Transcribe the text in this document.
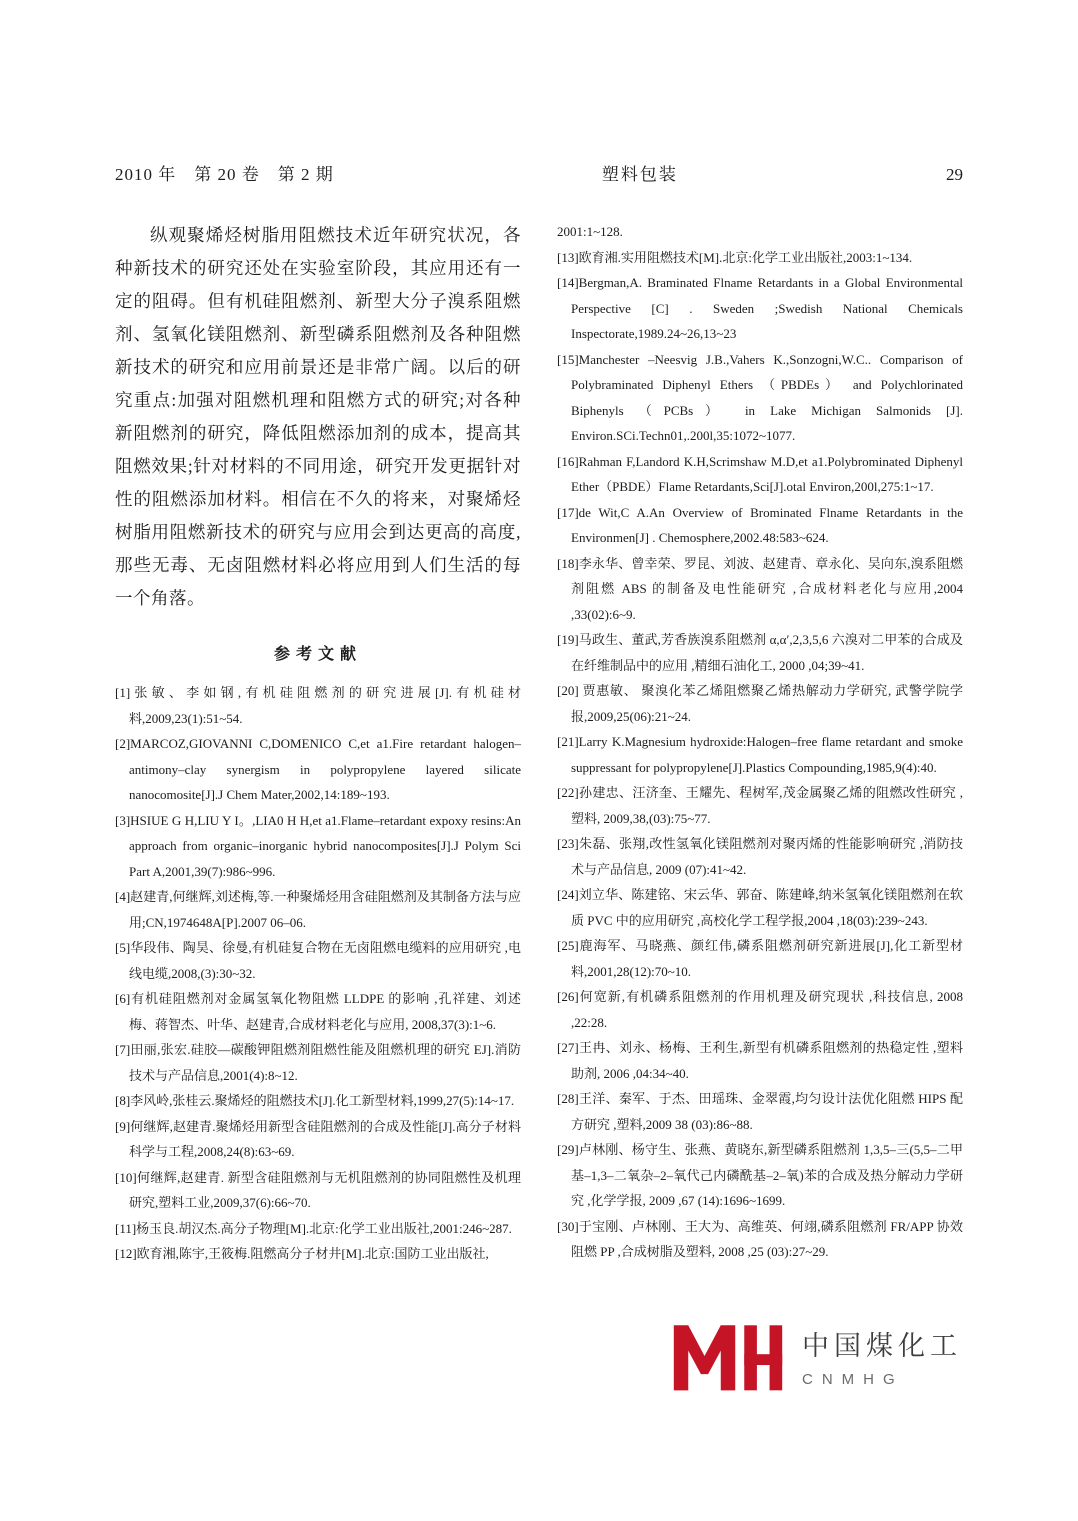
2010 年　第 20 卷　第 2 期	塑料包装	29

纵观聚烯烃树脂用阻燃技术近年研究状况，各种新技术的研究还处在实验室阶段，其应用还有一定的阻碍。但有机硅阻燃剂、新型大分子溴系阻燃剂、氢氧化镁阻燃剂、新型磷系阻燃剂及各种阻燃新技术的研究和应用前景还是非常广阔。以后的研究重点:加强对阻燃机理和阻燃方式的研究;对各种新阻燃剂的研究，降低阻燃添加剂的成本，提高其阻燃效果;针对材料的不同用途，研究开发更据针对性的阻燃添加材料。相信在不久的将来，对聚烯烃树脂用阻燃新技术的研究与应用会到达更高的高度,那些无毒、无卤阻燃材料必将应用到人们生活的每一个角落。

参考文献
[1]张敏、李如钢,有机硅阻燃剂的研究进展[J].有机硅材料,2009,23(1):51~54.
[2]MARCOZ,GIOVANNI C,DOMENICO C,et a1.Fire retardant halogen–antimony–clay synergism in polypropylene layered silicate nanocomosite[J].J Chem Mater,2002,14:189~193.
[3]HSIUE G H,LIU Y I。,LIA0 H H,et a1.Flame–retardant expoxy resins:An approach from organic–inorganic hybrid nanocomposites[J].J Polym Sci Part A,2001,39(7):986~996.
[4]赵建青,何继辉,刘述梅,等.一种聚烯烃用含硅阻燃剂及其制备方法与应用;CN,1974648A[P].2007 06–06.
[5]华段伟、陶昊、徐曼,有机硅复合物在无卤阻燃电缆料的应用研究 ,电线电缆,2008,(3):30~32.
[6]有机硅阻燃剂对金属氢氧化物阻燃 LLDPE 的影响 ,孔祥建、刘述梅、蒋智杰、叶华、赵建青,合成材料老化与应用, 2008,37(3):1~6.
[7]田丽,张宏.硅胶—碳酸钾阻燃剂阻燃性能及阻燃机理的研究 EJ].消防技术与产品信息,2001(4):8~12.
[8]李风岭,张桂云.聚烯烃的阻燃技术[J].化工新型材料,1999,27(5):14~17.
[9]何继辉,赵建青.聚烯烃用新型含硅阻燃剂的合成及性能[J].高分子材料科学与工程,2008,24(8):63~69.
[10]何继辉,赵建青. 新型含硅阻燃剂与无机阻燃剂的协同阻燃性及机理研究,塑料工业,2009,37(6):66~70.
[11]杨玉良.胡汉杰.高分子物理[M].北京:化学工业出版社,2001:246~287.
[12]欧育湘,陈宇,王筱梅.阻燃高分子材井[M].北京:国防工业出版社,

2001:1~128.

[13]欧育湘.实用阻燃技术[M].北京:化学工业出版社,2003:1~134.
[14]Bergman,A. Braminated Flname Retardants in a Global Environmental Perspective [C] . Sweden ;Swedish National Chemicals Inspectorate,1989.24~26,13~23
[15]Manchester –Neesvig J.B.,Vahers K.,Sonzogni,W.C.. Comparison of Polybraminated Diphenyl Ethers （PBDEs） and Polychlorinated Biphenyls （PCBs） in Lake Michigan Salmonids [J]. Environ.SCi.Techn01,.200l,35:1072~1077.
[16]Rahman F,Landord K.H,Scrimshaw M.D,et a1.Polybrominated Diphenyl Ether（PBDE）Flame Retardants,Sci[J].otal Environ,200l,275:1~17.
[17]de Wit,C A.An Overview of Brominated Flname Retardants in the Environmen[J] . Chemosphere,2002.48:583~624.
[18]李永华、曾幸荣、罗昆、刘波、赵建青、章永化、吴向东,溴系阻燃剂阻燃 ABS 的制备及电性能研究 ,合成材料老化与应用,2004 ,33(02):6~9.
[19]马政生、董武,芳香族溴系阻燃剂 α,α′,2,3,5,6 六溴对二甲苯的合成及在纤维制品中的应用 ,精细石油化工, 2000 ,04;39~41.
[20] 贾惠敏、 聚溴化苯乙烯阻燃聚乙烯热解动力学研究, 武警学院学报,2009,25(06):21~24.
[21]Larry K.Magnesium hydroxide:Halogen–free flame retardant and smoke suppressant for polypropylene[J].Plastics Compounding,1985,9(4):40.
[22]孙建忠、汪济奎、王耀先、程树军,茂金属聚乙烯的阻燃改性研究 ,塑料, 2009,38,(03):75~77.
[23]朱磊、张翔,改性氢氧化镁阻燃剂对聚丙烯的性能影响研究 ,消防技术与产品信息, 2009 (07):41~42.
[24]刘立华、陈建铭、宋云华、郭奋、陈建峰,纳米氢氧化镁阻燃剂在软质 PVC 中的应用研究 ,高校化学工程学报,2004 ,18(03):239~243.
[25]鹿海军、马晓燕、颜红伟,磷系阻燃剂研究新进展[J],化工新型材料,2001,28(12):70~10.
[26]何宽新,有机磷系阻燃剂的作用机理及研究现状 ,科技信息, 2008 ,22:28.
[27]王冉、刘永、杨梅、王利生,新型有机磷系阻燃剂的热稳定性 ,塑料助剂, 2006 ,04:34~40.
[28]王洋、秦军、于杰、田瑶珠、金翠霞,均匀设计法优化阻燃 HIPS 配方研究 ,塑料,2009 38 (03):86~88.
[29]卢林刚、杨守生、张燕、黄晓东,新型磷系阻燃剂 1,3,5–三(5,5–二甲基–1,3–二氧杂–2–氧代己内磷酰基–2–氧)苯的合成及热分解动力学研究 ,化学学报, 2009 ,67 (14):1696~1699.
[30]于宝刚、卢林刚、王大为、高维英、何翊,磷系阻燃剂 FR/APP 协效阻燃 PP ,合成树脂及塑料, 2008 ,25 (03):27~29.
中国煤化工
CNMHG
